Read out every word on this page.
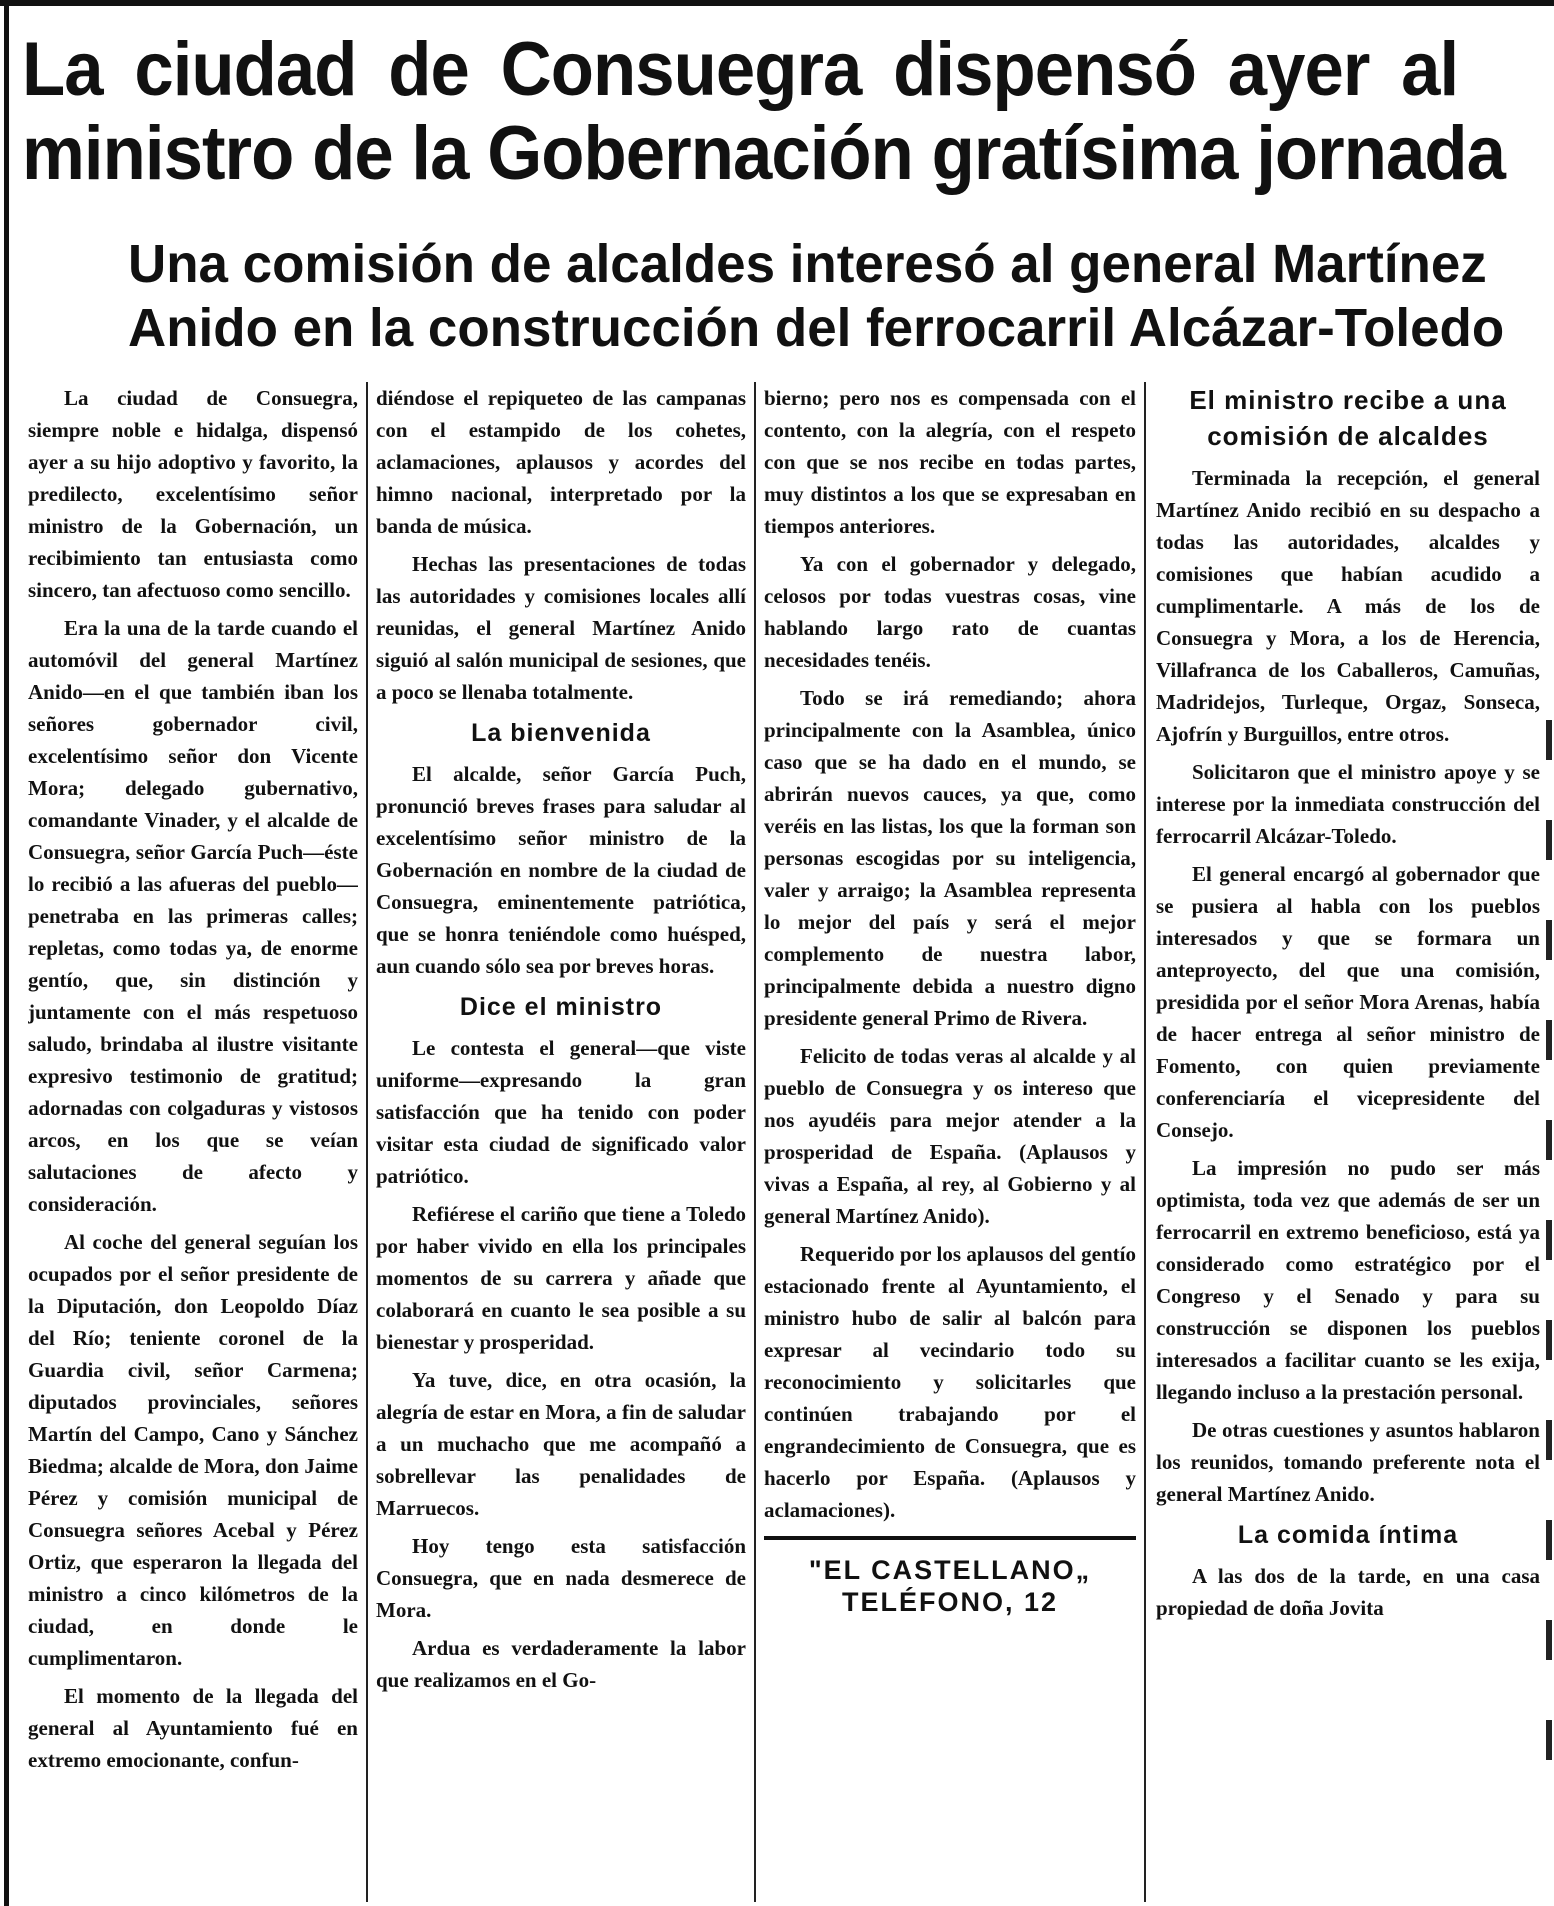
La ciudad de Consuegra dispensó ayer al
ministro de la Gobernación gratísima jornada
Una comisión de alcaldes interesó al general Martínez
Anido en la construcción del ferrocarril Alcázar-Toledo

La ciudad de Consuegra, siempre noble e hidalga, dispensó ayer a su hijo adoptivo y favorito, la predilecto, excelentísimo señor ministro de la Gobernación, un recibimiento tan entusiasta como sincero, tan afectuoso como sencillo.

Era la una de la tarde cuando el automóvil del general Martínez Anido—en el que también iban los señores gobernador civil, excelentísimo señor don Vicente Mora; delegado gubernativo, comandante Vinader, y el alcalde de Consuegra, señor García Puch—éste lo recibió a las afueras del pueblo—penetraba en las primeras calles; repletas, como todas ya, de enorme gentío, que, sin distinción y juntamente con el más respetuoso saludo, brindaba al ilustre visitante expresivo testimonio de gratitud; adornadas con colgaduras y vistosos arcos, en los que se veían salutaciones de afecto y consideración.

Al coche del general seguían los ocupados por el señor presidente de la Diputación, don Leopoldo Díaz del Río; teniente coronel de la Guardia civil, señor Carmena; diputados provinciales, señores Martín del Campo, Cano y Sánchez Biedma; alcalde de Mora, don Jaime Pérez y comisión municipal de Consuegra señores Acebal y Pérez Ortiz, que esperaron la llegada del ministro a cinco kilómetros de la ciudad, en donde le cumplimentaron.

El momento de la llegada del general al Ayuntamiento fué en extremo emocionante, confun-

diéndose el repiqueteo de las campanas con el estampido de los cohetes, aclamaciones, aplausos y acordes del himno nacional, interpretado por la banda de música.

Hechas las presentaciones de todas las autoridades y comisiones locales allí reunidas, el general Martínez Anido siguió al salón municipal de sesiones, que a poco se llenaba totalmente.

La bienvenida

El alcalde, señor García Puch, pronunció breves frases para saludar al excelentísimo señor ministro de la Gobernación en nombre de la ciudad de Consuegra, eminentemente patriótica, que se honra teniéndole como huésped, aun cuando sólo sea por breves horas.

Dice el ministro

Le contesta el general—que viste uniforme—expresando la gran satisfacción que ha tenido con poder visitar esta ciudad de significado valor patriótico.

Refiérese el cariño que tiene a Toledo por haber vivido en ella los principales momentos de su carrera y añade que colaborará en cuanto le sea posible a su bienestar y prosperidad.

Ya tuve, dice, en otra ocasión, la alegría de estar en Mora, a fin de saludar a un muchacho que me acompañó a sobrellevar las penalidades de Marruecos.

Hoy tengo esta satisfacción Consuegra, que en nada desmerece de Mora.

Ardua es verdaderamente la labor que realizamos en el Go-

bierno; pero nos es compensada con el contento, con la alegría, con el respeto con que se nos recibe en todas partes, muy distintos a los que se expresaban en tiempos anteriores.

Ya con el gobernador y delegado, celosos por todas vuestras cosas, vine hablando largo rato de cuantas necesidades tenéis.

Todo se irá remediando; ahora principalmente con la Asamblea, único caso que se ha dado en el mundo, se abrirán nuevos cauces, ya que, como veréis en las listas, los que la forman son personas escogidas por su inteligencia, valer y arraigo; la Asamblea representa lo mejor del país y será el mejor complemento de nuestra labor, principalmente debida a nuestro digno presidente general Primo de Rivera.

Felicito de todas veras al alcalde y al pueblo de Consuegra y os intereso que nos ayudéis para mejor atender a la prosperidad de España. (Aplausos y vivas a España, al rey, al Gobierno y al general Martínez Anido).

Requerido por los aplausos del gentío estacionado frente al Ayuntamiento, el ministro hubo de salir al balcón para expresar al vecindario todo su reconocimiento y solicitarles que continúen trabajando por el engrandecimiento de Consuegra, que es hacerlo por España. (Aplausos y aclamaciones).

"EL CASTELLANO„
TELÉFONO, 12
El ministro recibe a una comisión de alcaldes

Terminada la recepción, el general Martínez Anido recibió en su despacho a todas las autoridades, alcaldes y comisiones que habían acudido a cumplimentarle. A más de los de Consuegra y Mora, a los de Herencia, Villafranca de los Caballeros, Camuñas, Madridejos, Turleque, Orgaz, Sonseca, Ajofrín y Burguillos, entre otros.

Solicitaron que el ministro apoye y se interese por la inmediata construcción del ferrocarril Alcázar-Toledo.

El general encargó al gobernador que se pusiera al habla con los pueblos interesados y que se formara un anteproyecto, del que una comisión, presidida por el señor Mora Arenas, había de hacer entrega al señor ministro de Fomento, con quien previamente conferenciaría el vicepresidente del Consejo.

La impresión no pudo ser más optimista, toda vez que además de ser un ferrocarril en extremo beneficioso, está ya considerado como estratégico por el Congreso y el Senado y para su construcción se disponen los pueblos interesados a facilitar cuanto se les exija, llegando incluso a la prestación personal.

De otras cuestiones y asuntos hablaron los reunidos, tomando preferente nota el general Martínez Anido.

La comida íntima

A las dos de la tarde, en una casa propiedad de doña Jovita
